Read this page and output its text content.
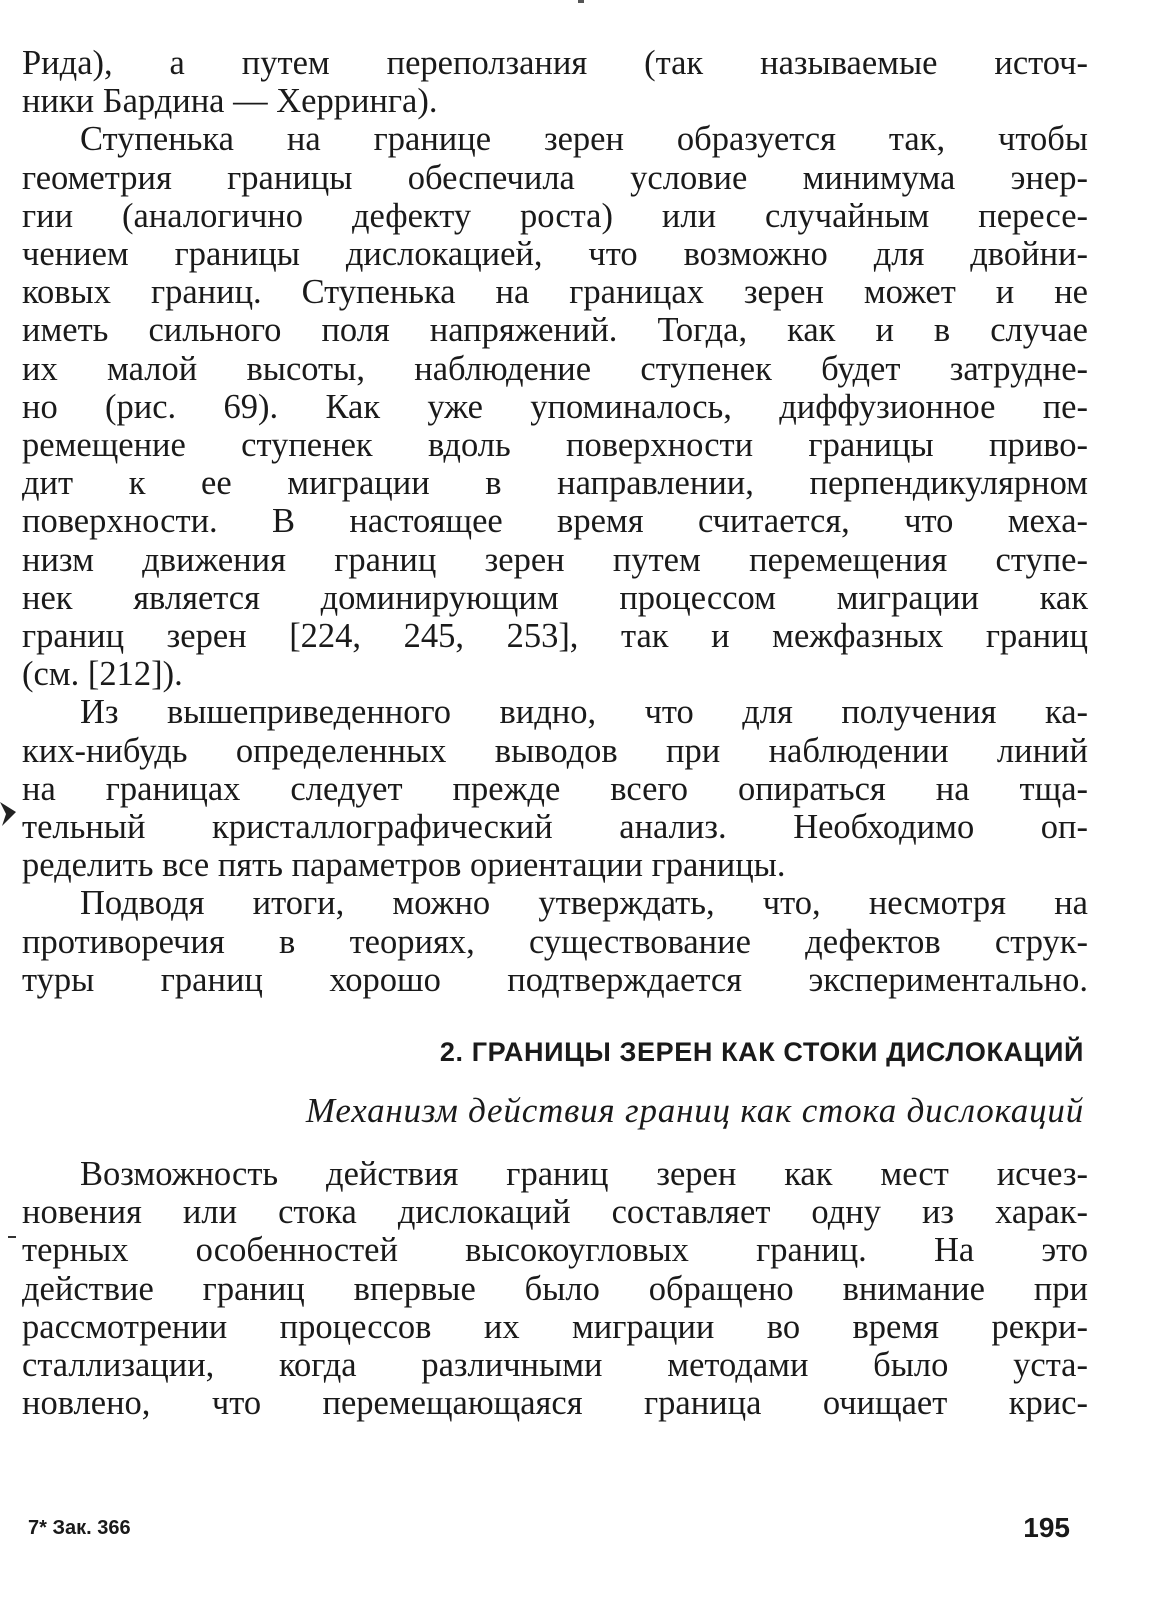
Рида), а путем переползания (так называемые источ-
ники Бардина — Херринга).
Ступенька на границе зерен образуется так, чтобы
геометрия границы обеспечила условие минимума энер-
гии (аналогично дефекту роста) или случайным пересе-
чением границы дислокацией, что возможно для двойни-
ковых границ. Ступенька на границах зерен может и не
иметь сильного поля напряжений. Тогда, как и в случае
их малой высоты, наблюдение ступенек будет затрудне-
но (рис. 69). Как уже упоминалось, диффузионное пе-
ремещение ступенек вдоль поверхности границы приво-
дит к ее миграции в направлении, перпендикулярном
поверхности. В настоящее время считается, что меха-
низм движения границ зерен путем перемещения ступе-
нек является доминирующим процессом миграции как
границ зерен [224, 245, 253], так и межфазных границ
(см. [212]).
Из вышеприведенного видно, что для получения ка-
ких-нибудь определенных выводов при наблюдении линий
на границах следует прежде всего опираться на тща-
тельный кристаллографический анализ. Необходимо оп-
ределить все пять параметров ориентации границы.
Подводя итоги, можно утверждать, что, несмотря на
противоречия в теориях, существование дефектов струк-
туры границ хорошо подтверждается экспериментально.
2. ГРАНИЦЫ ЗЕРЕН КАК СТОКИ ДИСЛОКАЦИЙ
Механизм действия границ как стока дислокаций
Возможность действия границ зерен как мест исчез-
новения или стока дислокаций составляет одну из харак-
терных особенностей высокоугловых границ. На это
действие границ впервые было обращено внимание при
рассмотрении процессов их миграции во время рекри-
сталлизации, когда различными методами было уста-
новлено, что перемещающаяся граница очищает крис-
7* Зак. 366	195
